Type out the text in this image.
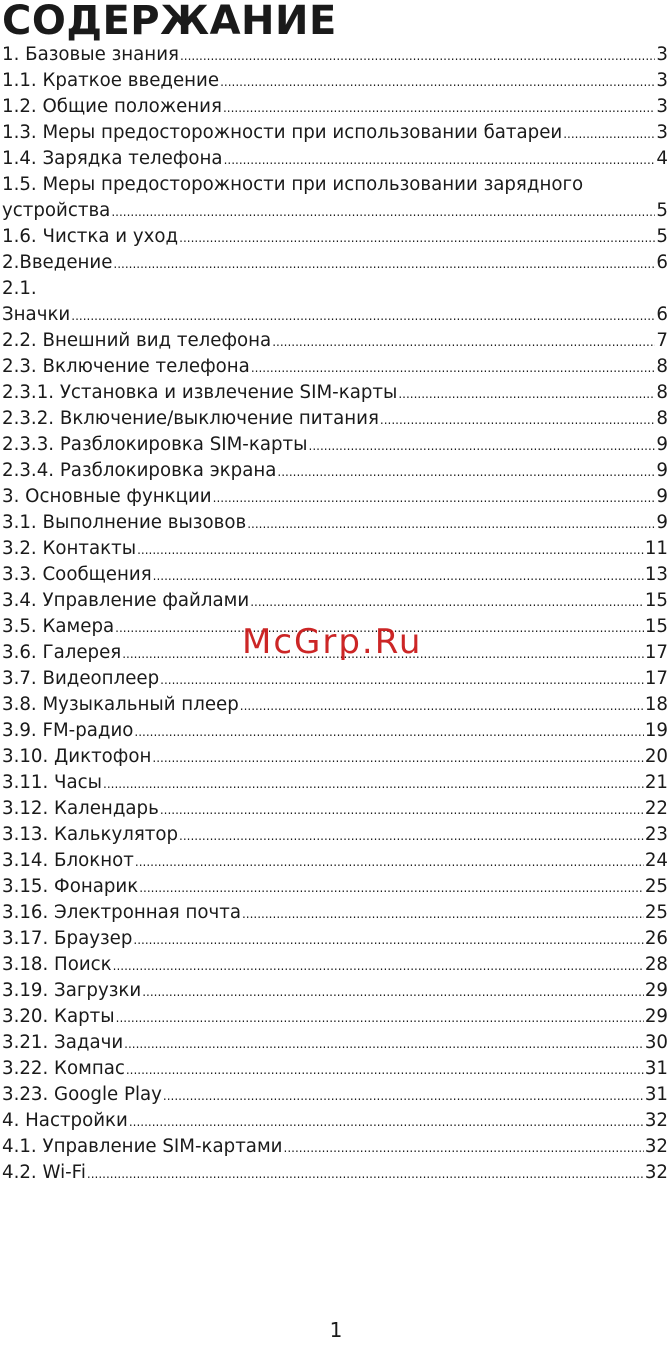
СОДЕРЖАНИЕ
1. Базовые знания .....	3
1.1. Краткое введение .....	3
1.2. Общие положения .....	3
1.3. Меры предосторожности при использовании батареи .....	3
1.4. Зарядка телефона .....	4
1.5. Меры предосторожности при использовании зарядного
устройства .....	5
1.6. Чистка и уход .....	5
2.Введение .....	6
2.1.
Значки .....	6
2.2. Внешний вид телефона .....	7
2.3. Включение телефона .....	8
2.3.1. Установка и извлечение SIM-карты .....	8
2.3.2. Включение/выключение питания .....	8
2.3.3. Разблокировка SIM-карты .....	9
2.3.4. Разблокировка экрана .....	9
3. Основные функции .....	9
3.1. Выполнение вызовов .....	9
3.2. Контакты .....	11
3.3. Сообщения .....	13
3.4. Управление файлами .....	15
3.5. Камера .....	15
3.6. Галерея .....	17
3.7. Видеоплеер .....	17
3.8. Музыкальный плеер .....	18
3.9. FM-радио .....	19
3.10. Диктофон .....	20
3.11. Часы .....	21
3.12. Календарь .....	22
3.13. Калькулятор .....	23
3.14. Блокнот .....	24
3.15. Фонарик .....	25
3.16. Электронная почта .....	25
3.17. Браузер .....	26
3.18. Поиск .....	28
3.19. Загрузки .....	29
3.20. Карты .....	29
3.21. Задачи .....	30
3.22. Компас .....	31
3.23. Google Play .....	31
4. Настройки .....	32
4.1. Управление SIM-картами .....	32
4.2. Wi-Fi .....	32
McGrp.Ru
1
